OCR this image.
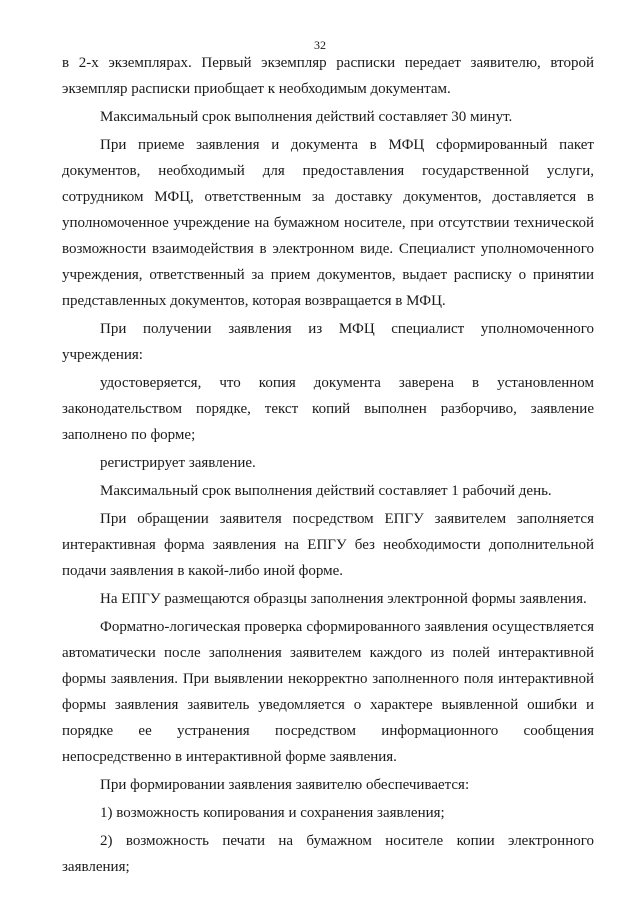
32

в 2-х экземплярах. Первый экземпляр расписки передает заявителю, второй экземпляр расписки приобщает к необходимым документам.

Максимальный срок выполнения действий составляет 30 минут.

При приеме заявления и документа в МФЦ сформированный пакет документов, необходимый для предоставления государственной услуги, сотрудником МФЦ, ответственным за доставку документов, доставляется в уполномоченное учреждение на бумажном носителе, при отсутствии технической возможности взаимодействия в электронном виде. Специалист уполномоченного учреждения, ответственный за прием документов, выдает расписку о принятии представленных документов, которая возвращается в МФЦ.

При получении заявления из МФЦ специалист уполномоченного учреждения:

удостоверяется, что копия документа заверена в установленном законодательством порядке, текст копий выполнен разборчиво, заявление заполнено по форме;

регистрирует заявление.

Максимальный срок выполнения действий составляет 1 рабочий день.

При обращении заявителя посредством ЕПГУ заявителем заполняется интерактивная форма заявления на ЕПГУ без необходимости дополнительной подачи заявления в какой-либо иной форме.

На ЕПГУ размещаются образцы заполнения электронной формы заявления.

Форматно-логическая проверка сформированного заявления осуществляется автоматически после заполнения заявителем каждого из полей интерактивной формы заявления. При выявлении некорректно заполненного поля интерактивной формы заявления заявитель уведомляется о характере выявленной ошибки и порядке ее устранения посредством информационного сообщения непосредственно в интерактивной форме заявления.

При формировании заявления заявителю обеспечивается:

1) возможность копирования и сохранения заявления;

2) возможность печати на бумажном носителе копии электронного заявления;
